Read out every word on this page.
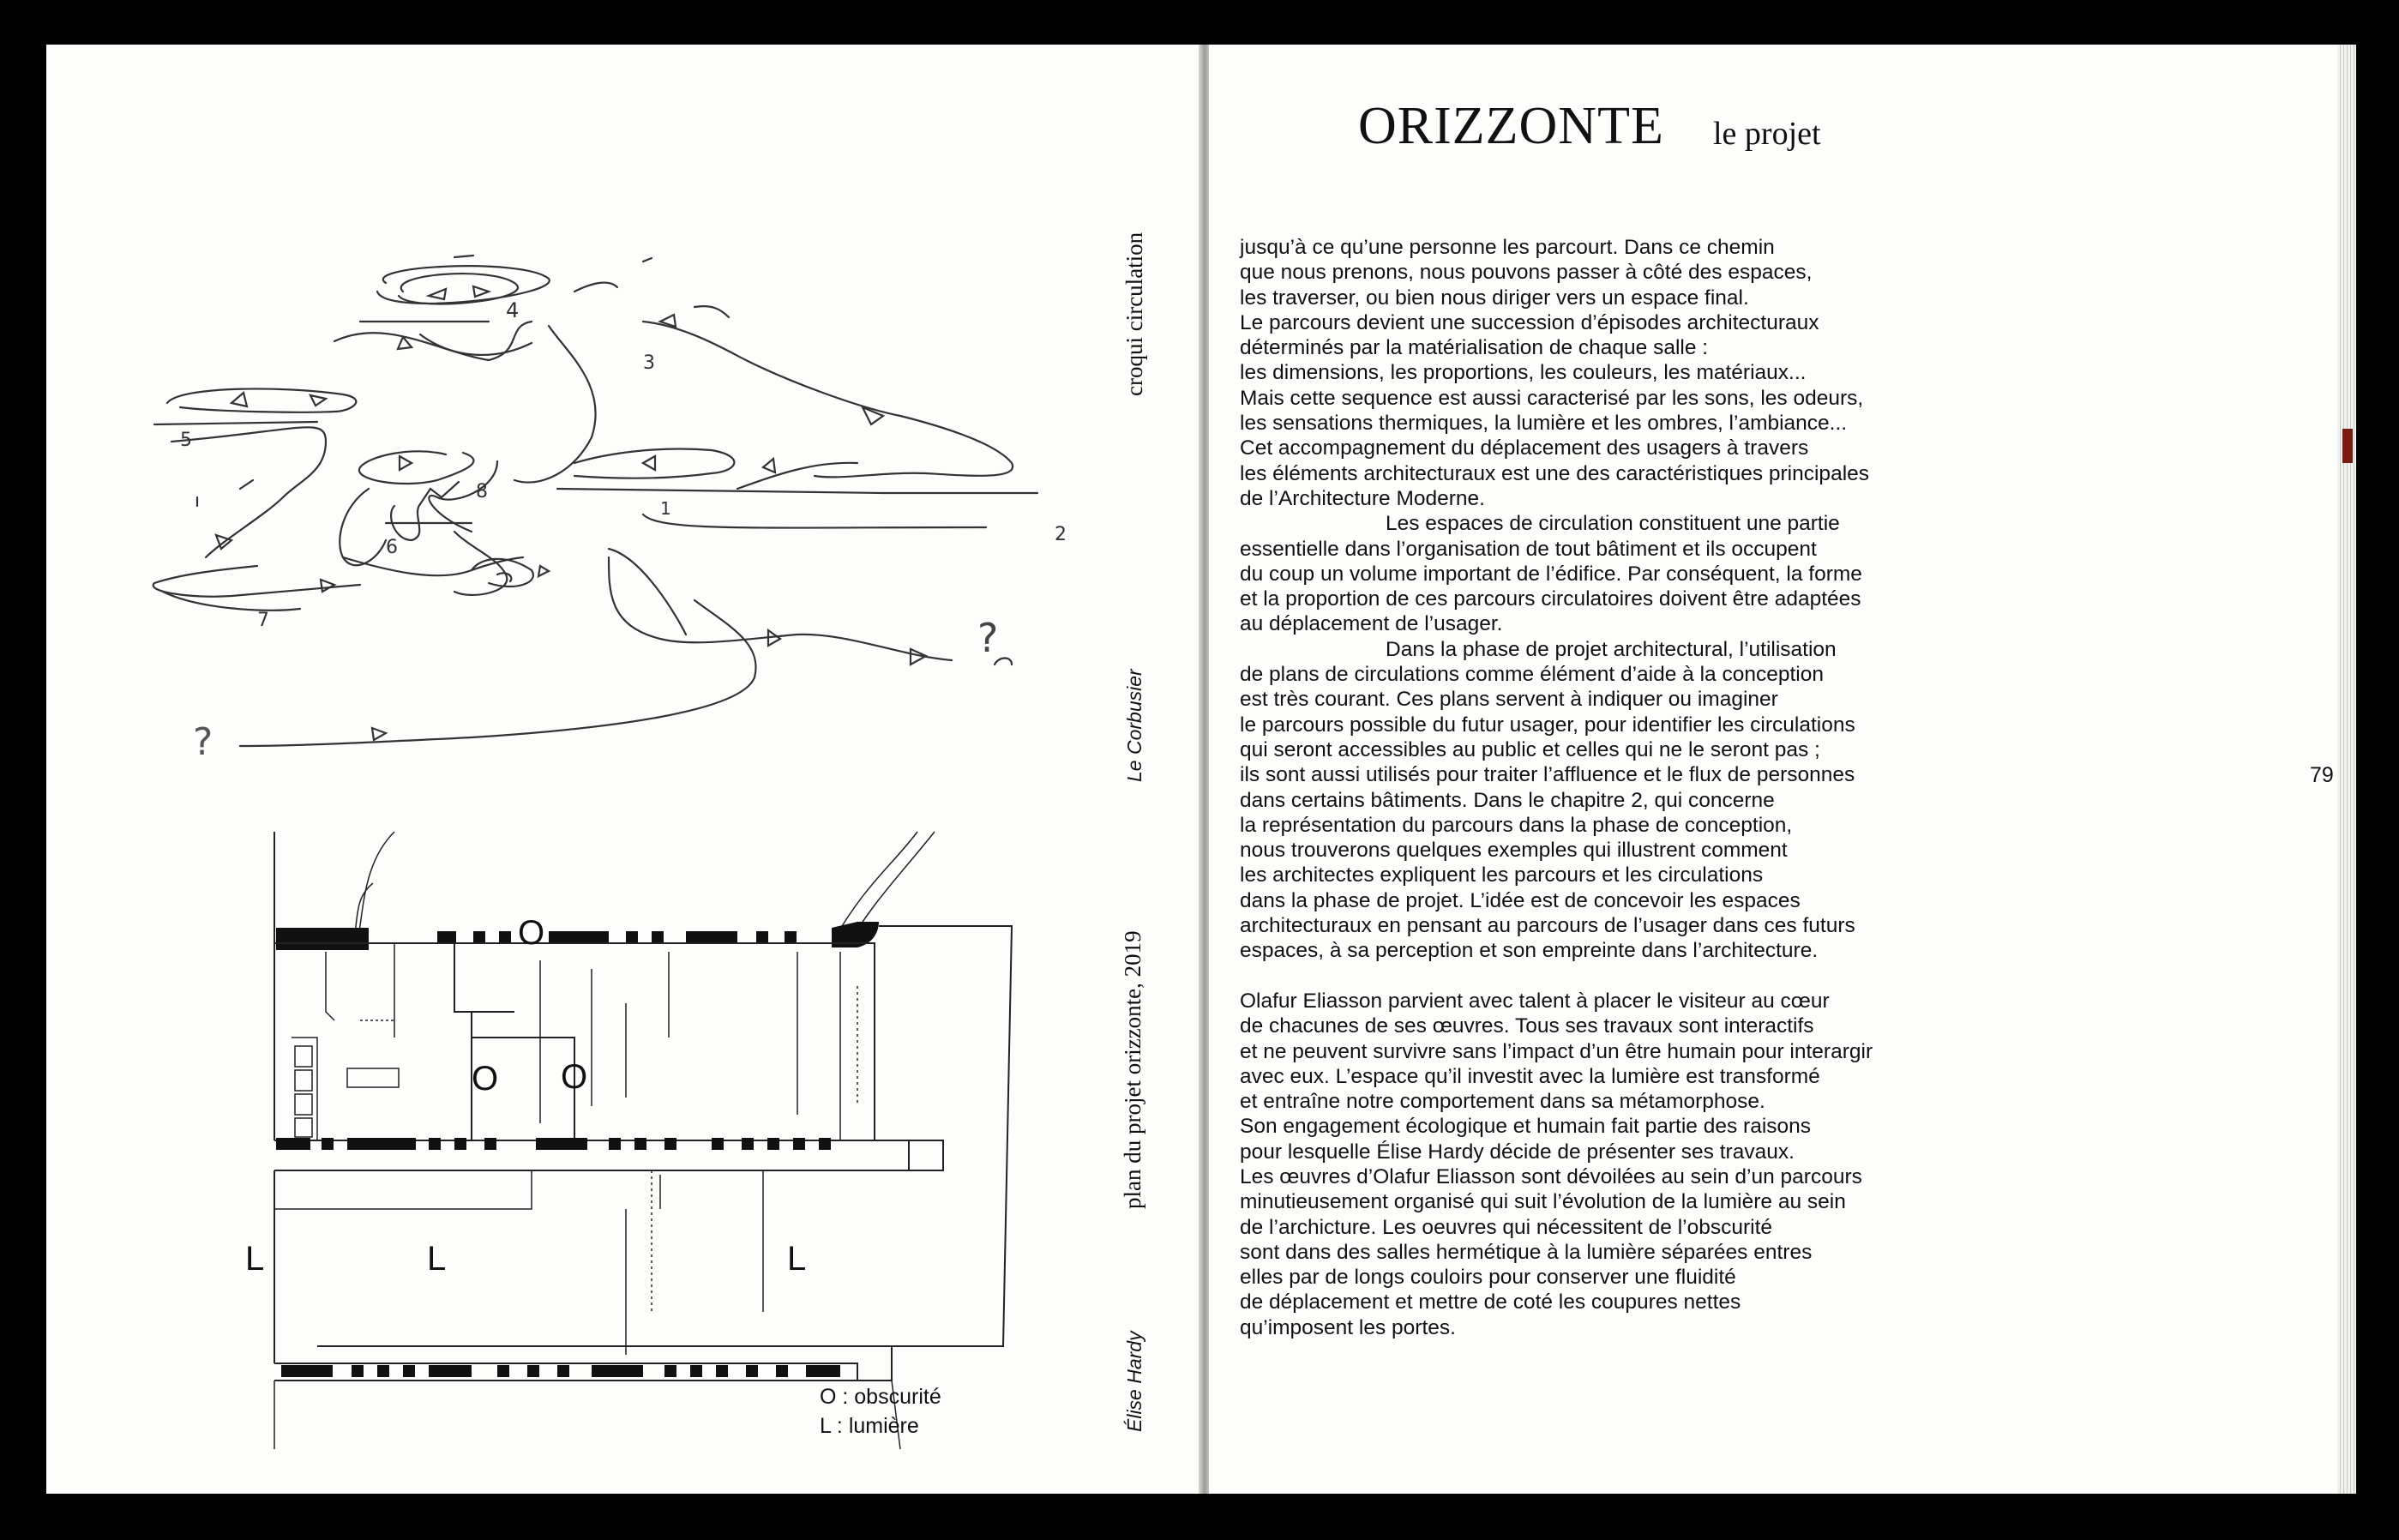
4
3
5
8
1
2
6
7	?
?
O
O O
L	L	L
O : obscurité
L : lumière
croqui circulation
Le Corbusier
plan du projet orizzonte, 2019
Élise Hardy
ORIZZONTE le projet
jusqu’à ce qu’une personne les parcourt. Dans ce chemin
que nous prenons, nous pouvons passer à côté des espaces,
les traverser, ou bien nous diriger vers un espace final.
Le parcours devient une succession d’épisodes architecturaux
déterminés par la matérialisation de chaque salle :
les dimensions, les proportions, les couleurs, les matériaux...
Mais cette sequence est aussi caracterisé par les sons, les odeurs,
les sensations thermiques, la lumière et les ombres, l’ambiance...
Cet accompagnement du déplacement des usagers à travers
les éléments architecturaux est une des caractéristiques principales
de l’Architecture Moderne.
Les espaces de circulation constituent une partie
essentielle dans l’organisation de tout bâtiment et ils occupent
du coup un volume important de l’édifice. Par conséquent, la forme
et la proportion de ces parcours circulatoires doivent être adaptées
au déplacement de l’usager.
Dans la phase de projet architectural, l’utilisation
de plans de circulations comme élément d’aide à la conception
est très courant. Ces plans servent à indiquer ou imaginer
le parcours possible du futur usager, pour identifier les circulations
qui seront accessibles au public et celles qui ne le seront pas ;
ils sont aussi utilisés pour traiter l’affluence et le flux de personnes
dans certains bâtiments. Dans le chapitre 2, qui concerne
la représentation du parcours dans la phase de conception,
nous trouverons quelques exemples qui illustrent comment
les architectes expliquent les parcours et les circulations
dans la phase de projet. L’idée est de concevoir les espaces
architecturaux en pensant au parcours de l’usager dans ces futurs
espaces, à sa perception et son empreinte dans l’architecture.
Olafur Eliasson parvient avec talent à placer le visiteur au cœur
de chacunes de ses œuvres. Tous ses travaux sont interactifs
et ne peuvent survivre sans l’impact d’un être humain pour interargir
avec eux. L’espace qu’il investit avec la lumière est transformé
et entraîne notre comportement dans sa métamorphose.
Son engagement écologique et humain fait partie des raisons
pour lesquelle Élise Hardy décide de présenter ses travaux.
Les œuvres d’Olafur Eliasson sont dévoilées au sein d’un parcours
minutieusement organisé qui suit l’évolution de la lumière au sein
de l’archicture. Les oeuvres qui nécessitent de l’obscurité
sont dans des salles hermétique à la lumière séparées entres
elles par de longs couloirs pour conserver une fluidité
de déplacement et mettre de coté les coupures nettes
qu’imposent les portes.
79
